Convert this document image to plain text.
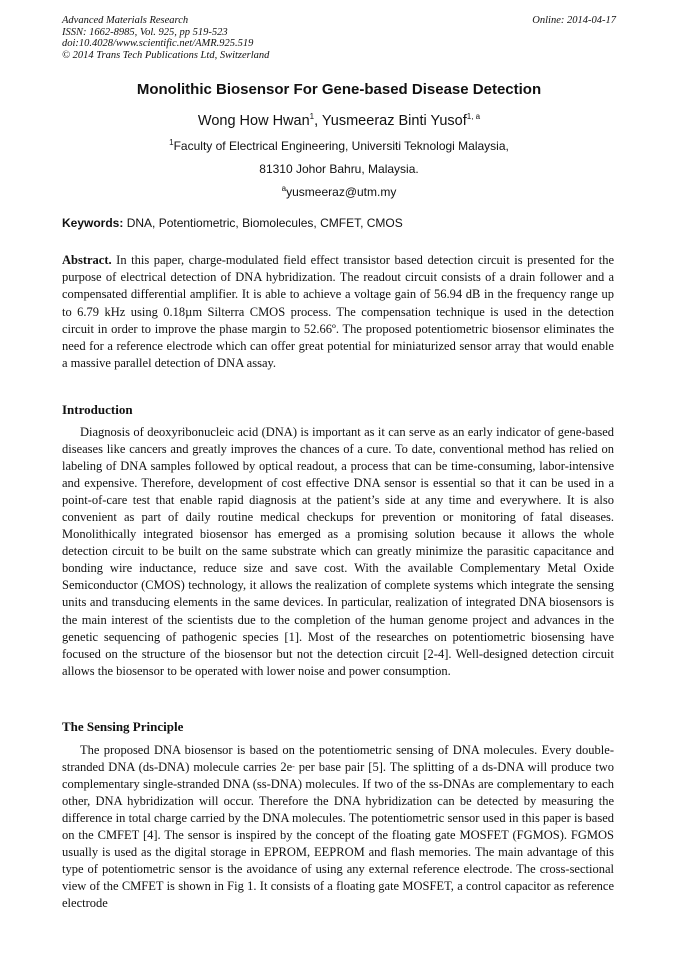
Advanced Materials Research
ISSN: 1662-8985, Vol. 925, pp 519-523
doi:10.4028/www.scientific.net/AMR.925.519
© 2014 Trans Tech Publications Ltd, Switzerland
Online: 2014-04-17
Monolithic Biosensor For Gene-based Disease Detection
Wong How Hwan$^1$, Yusmeeraz Binti Yusof$^{1, a}$
$^1$Faculty of Electrical Engineering, Universiti Teknologi Malaysia,
81310 Johor Bahru, Malaysia.
$^a$yusmeeraz@utm.my
Keywords: DNA, Potentiometric, Biomolecules, CMFET, CMOS
Abstract. In this paper, charge-modulated field effect transistor based detection circuit is presented for the purpose of electrical detection of DNA hybridization. The readout circuit consists of a drain follower and a compensated differential amplifier. It is able to achieve a voltage gain of 56.94 dB in the frequency range up to 6.79 kHz using 0.18µm Silterra CMOS process. The compensation technique is used in the detection circuit in order to improve the phase margin to 52.66º. The proposed potentiometric biosensor eliminates the need for a reference electrode which can offer great potential for miniaturized sensor array that would enable a massive parallel detection of DNA assay.
Introduction

Diagnosis of deoxyribonucleic acid (DNA) is important as it can serve as an early indicator of gene-based diseases like cancers and greatly improves the chances of a cure. To date, conventional method has relied on labeling of DNA samples followed by optical readout, a process that can be time-consuming, labor-intensive and expensive. Therefore, development of cost effective DNA sensor is essential so that it can be used in a point-of-care test that enable rapid diagnosis at the patient’s side at any time and everywhere. It is also convenient as part of daily routine medical checkups for prevention or monitoring of fatal diseases. Monolithically integrated biosensor has emerged as a promising solution because it allows the whole detection circuit to be built on the same substrate which can greatly minimize the parasitic capacitance and bonding wire inductance, reduce size and save cost. With the available Complementary Metal Oxide Semiconductor (CMOS) technology, it allows the realization of complete systems which integrate the sensing units and transducing elements in the same devices. In particular, realization of integrated DNA biosensors is the main interest of the scientists due to the completion of the human genome project and advances in the genetic sequencing of pathogenic species [1]. Most of the researches on potentiometric biosensing have focused on the structure of the biosensor but not the detection circuit [2-4]. Well-designed detection circuit allows the biosensor to be operated with lower noise and power consumption.

The Sensing Principle

The proposed DNA biosensor is based on the potentiometric sensing of DNA molecules. Every double-stranded DNA (ds-DNA) molecule carries 2e- per base pair [5]. The splitting of a ds-DNA will produce two complementary single-stranded DNA (ss-DNA) molecules. If two of the ss-DNAs are complementary to each other, DNA hybridization will occur. Therefore the DNA hybridization can be detected by measuring the difference in total charge carried by the DNA molecules. The potentiometric sensor used in this paper is based on the CMFET [4]. The sensor is inspired by the concept of the floating gate MOSFET (FGMOS). FGMOS usually is used as the digital storage in EPROM, EEPROM and flash memories. The main advantage of this type of potentiometric sensor is the avoidance of using any external reference electrode. The cross-sectional view of the CMFET is shown in Fig 1. It consists of a floating gate MOSFET, a control capacitor as reference electrode
